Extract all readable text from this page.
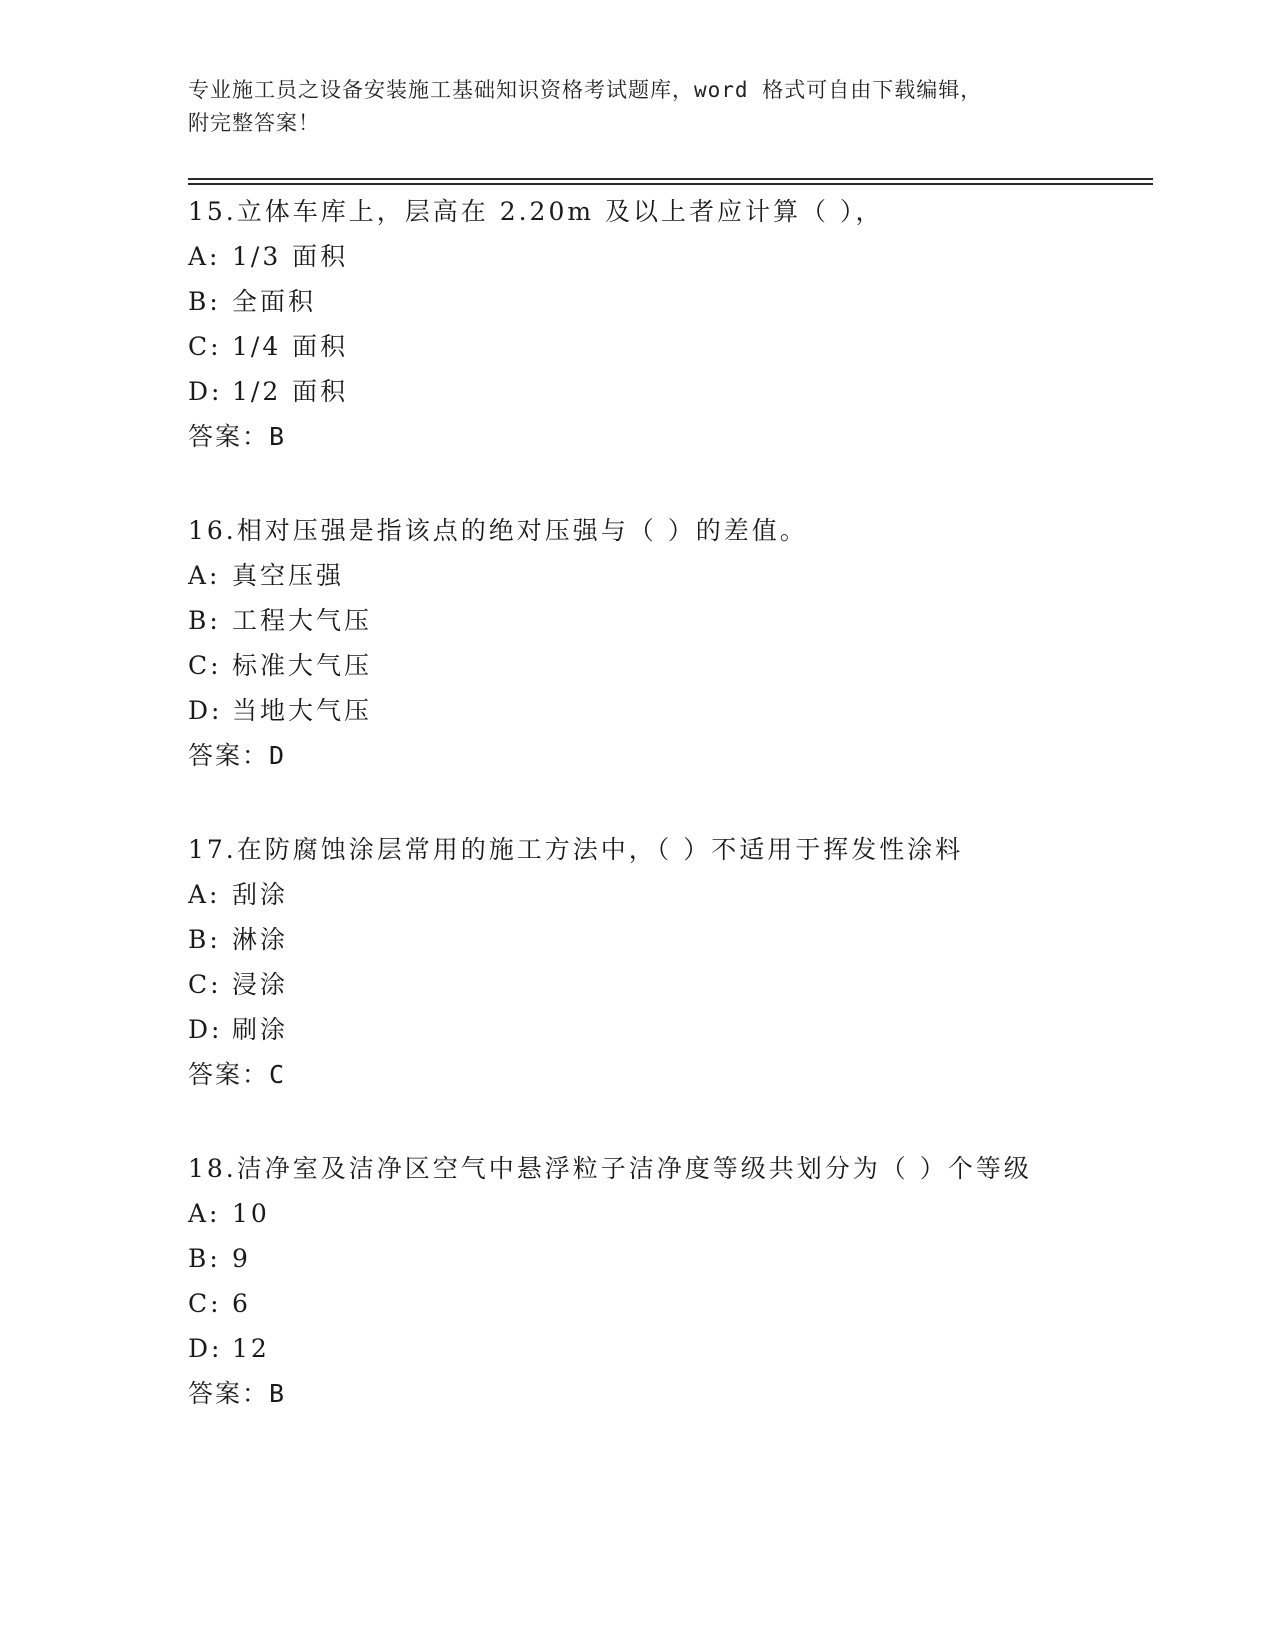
专业施工员之设备安装施工基础知识资格考试题库，word 格式可自由下载编辑，
附完整答案！
15.立体车库上，层高在 2.20m 及以上者应计算（ ），
A: 1/3 面积
B: 全面积
C: 1/4 面积
D: 1/2 面积
答案：B
16.相对压强是指该点的绝对压强与（ ）的差值。
A: 真空压强
B: 工程大气压
C: 标准大气压
D: 当地大气压
答案：D
17.在防腐蚀涂层常用的施工方法中，（ ）不适用于挥发性涂料
A: 刮涂
B: 淋涂
C: 浸涂
D: 刷涂
答案：C
18.洁净室及洁净区空气中悬浮粒子洁净度等级共划分为（ ）个等级
A: 10
B: 9
C: 6
D: 12
答案：B
